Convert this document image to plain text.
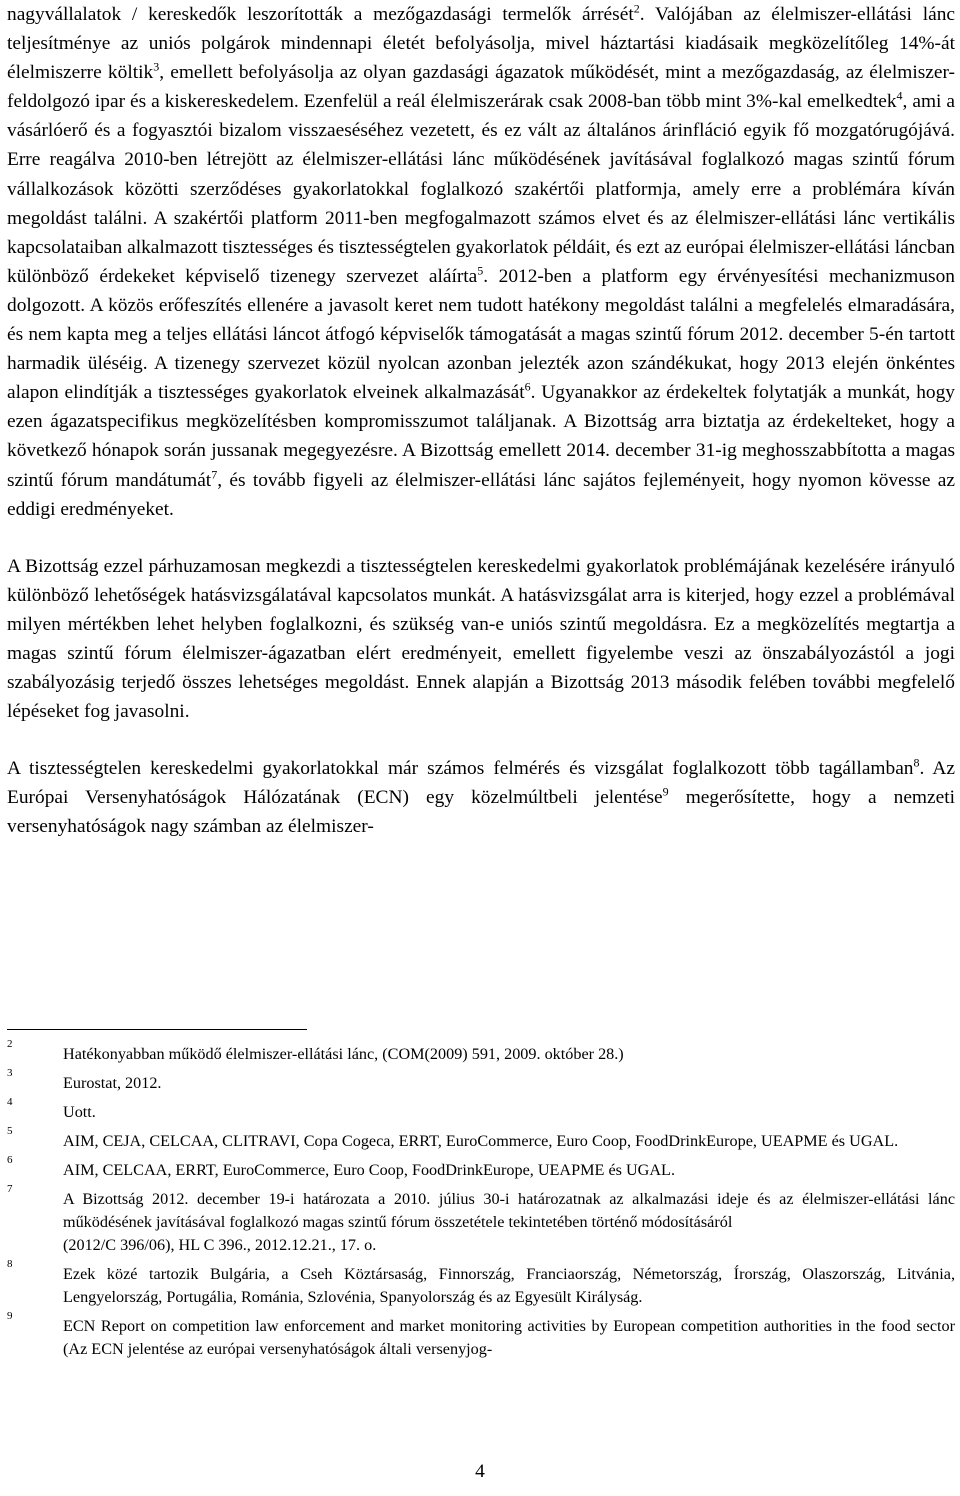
nagyvállalatok / kereskedők leszorították a mezőgazdasági termelők árrését$^2$. Valójában az élelmiszer-ellátási lánc teljesítménye az uniós polgárok mindennapi életét befolyásolja, mivel háztartási kiadásaik megközelítőleg 14%-át élelmiszerre költik$^3$, emellett befolyásolja az olyan gazdasági ágazatok működését, mint a mezőgazdaság, az élelmiszer-feldolgozó ipar és a kiskereskedelem. Ezenfelül a reál élelmiszerárak csak 2008-ban több mint 3%-kal emelkedtek$^4$, ami a vásárlóerő és a fogyasztói bizalom visszaeséséhez vezetett, és ez vált az általános árinfláció egyik fő mozgatórugójává. Erre reagálva 2010-ben létrejött az élelmiszer-ellátási lánc működésének javításával foglalkozó magas szintű fórum vállalkozások közötti szerződéses gyakorlatokkal foglalkozó szakértői platformja, amely erre a problémára kíván megoldást találni. A szakértői platform 2011-ben megfogalmazott számos elvet és az élelmiszer-ellátási lánc vertikális kapcsolataiban alkalmazott tisztességes és tisztességtelen gyakorlatok példáit, és ezt az európai élelmiszer-ellátási láncban különböző érdekeket képviselő tizenegy szervezet aláírta$^5$. 2012-ben a platform egy érvényesítési mechanizmuson dolgozott. A közös erőfeszítés ellenére a javasolt keret nem tudott hatékony megoldást találni a megfelelés elmaradására, és nem kapta meg a teljes ellátási láncot átfogó képviselők támogatását a magas szintű fórum 2012. december 5-én tartott harmadik üléséig. A tizenegy szervezet közül nyolcan azonban jelezték azon szándékukat, hogy 2013 elején önkéntes alapon elindítják a tisztességes gyakorlatok elveinek alkalmazását$^6$. Ugyanakkor az érdekeltek folytatják a munkát, hogy ezen ágazatspecifikus megközelítésben kompromisszumot találjanak. A Bizottság arra biztatja az érdekelteket, hogy a következő hónapok során jussanak megegyezésre. A Bizottság emellett 2014. december 31-ig meghosszabbította a magas szintű fórum mandátumát$^7$, és tovább figyeli az élelmiszer-ellátási lánc sajátos fejleményeit, hogy nyomon kövesse az eddigi eredményeket.

A Bizottság ezzel párhuzamosan megkezdi a tisztességtelen kereskedelmi gyakorlatok problémájának kezelésére irányuló különböző lehetőségek hatásvizsgálatával kapcsolatos munkát. A hatásvizsgálat arra is kiterjed, hogy ezzel a problémával milyen mértékben lehet helyben foglalkozni, és szükség van-e uniós szintű megoldásra. Ez a megközelítés megtartja a magas szintű fórum élelmiszer-ágazatban elért eredményeit, emellett figyelembe veszi az önszabályozástól a jogi szabályozásig terjedő összes lehetséges megoldást. Ennek alapján a Bizottság 2013 második felében további megfelelő lépéseket fog javasolni.

A tisztességtelen kereskedelmi gyakorlatokkal már számos felmérés és vizsgálat foglalkozott több tagállamban$^8$. Az Európai Versenyhatóságok Hálózatának (ECN) egy közelmúltbeli jelentése$^9$ megerősítette, hogy a nemzeti versenyhatóságok nagy számban az élelmiszer-

2
Hatékonyabban működő élelmiszer-ellátási lánc, (COM(2009) 591, 2009. október 28.)
3
Eurostat, 2012.
4
Uott.
5
AIM, CEJA, CELCAA, CLITRAVI, Copa Cogeca, ERRT, EuroCommerce, Euro Coop, FoodDrinkEurope, UEAPME és UGAL.
6
AIM, CELCAA, ERRT, EuroCommerce, Euro Coop, FoodDrinkEurope, UEAPME és UGAL.
7
A Bizottság 2012. december 19-i határozata a 2010. július 30-i határozatnak az alkalmazási ideje és az élelmiszer-ellátási lánc működésének javításával foglalkozó magas szintű fórum összetétele tekintetében történő módosításáról
(2012/C 396/06), HL C 396., 2012.12.21., 17. o.
8
Ezek közé tartozik Bulgária, a Cseh Köztársaság, Finnország, Franciaország, Németország, Írország, Olaszország, Litvánia, Lengyelország, Portugália, Románia, Szlovénia, Spanyolország és az Egyesült Királyság.
9
ECN Report on competition law enforcement and market monitoring activities by European competition authorities in the food sector (Az ECN jelentése az európai versenyhatóságok általi versenyjog-
4
